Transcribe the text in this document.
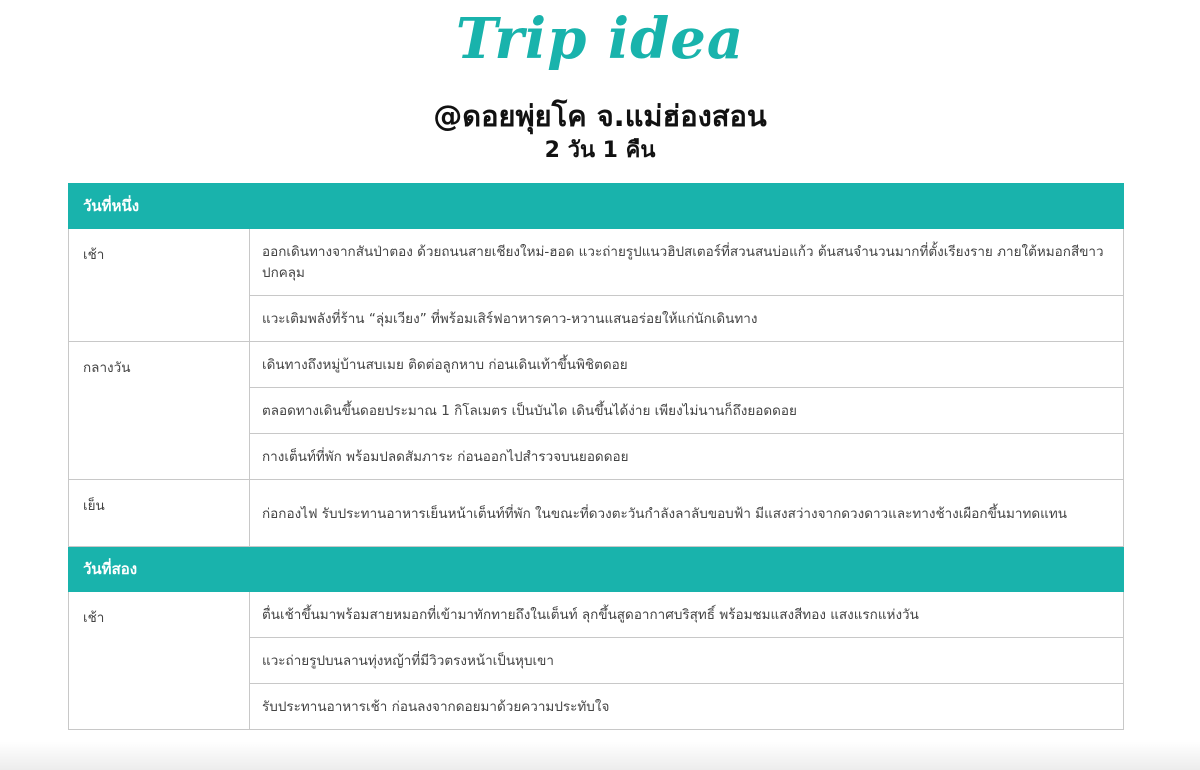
Trip idea
@ดอยพุ่ยโค จ.แม่ฮ่องสอน
2 วัน 1 คืน
วันที่หนึ่ง	
เช้า	ออกเดินทางจากสันป่าตอง ด้วยถนนสายเชียงใหม่-ฮอด แวะถ่ายรูปแนวฮิปสเตอร์ที่สวนสนบ่อแก้ว ต้นสนจำนวนมากที่ตั้งเรียงราย ภายใต้หมอกสีขาวปกคลุม
	แวะเติมพลังที่ร้าน “ลุ่มเวียง” ที่พร้อมเสิร์ฟอาหารคาว-หวานแสนอร่อยให้แก่นักเดินทาง
กลางวัน	เดินทางถึงหมู่บ้านสบเมย ติดต่อลูกหาบ ก่อนเดินเท้าขึ้นพิชิตดอย
	ตลอดทางเดินขึ้นดอยประมาณ 1 กิโลเมตร เป็นบันได เดินขึ้นได้ง่าย เพียงไม่นานก็ถึงยอดดอย
	กางเต็นท์ที่พัก พร้อมปลดสัมภาระ ก่อนออกไปสำรวจบนยอดดอย
เย็น	ก่อกองไฟ รับประทานอาหารเย็นหน้าเต็นท์ที่พัก ในขณะที่ดวงตะวันกำลังลาลับขอบฟ้า มีแสงสว่างจากดวงดาวและทางช้างเผือกขึ้นมาทดแทน
วันที่สอง	
เช้า	ตื่นเช้าขึ้นมาพร้อมสายหมอกที่เข้ามาทักทายถึงในเต็นท์ ลุกขึ้นสูดอากาศบริสุทธิ์ พร้อมชมแสงสีทอง แสงแรกแห่งวัน
	แวะถ่ายรูปบนลานทุ่งหญ้าที่มีวิวตรงหน้าเป็นหุบเขา
	รับประทานอาหารเช้า ก่อนลงจากดอยมาด้วยความประทับใจ
